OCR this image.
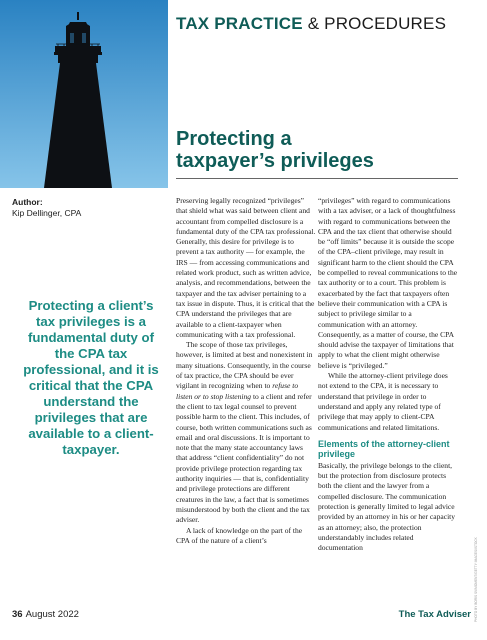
TAX PRACTICE & PROCEDURES
Protecting a
taxpayer’s privileges
Author:
Kip Dellinger, CPA
Protecting a client’s tax privileges is a fundamental duty of the CPA tax professional, and it is critical that the CPA understand the privileges that are available to a client-taxpayer.

Preserving legally recognized “privileges” that shield what was said between client and accountant from compelled disclosure is a fundamental duty of the CPA tax professional. Generally, this desire for privilege is to prevent a tax authority — for example, the IRS — from accessing communications and related work product, such as written advice, analysis, and recommendations, between the taxpayer and the tax adviser pertaining to a tax issue in dispute. Thus, it is critical that the CPA understand the privileges that are available to a client-taxpayer when communicating with a tax professional.

The scope of those tax privileges, however, is limited at best and nonexistent in many situations. Consequently, in the course of tax practice, the CPA should be ever vigilant in recognizing when to refuse to listen or to stop listening to a client and refer the client to tax legal counsel to prevent possible harm to the client. This includes, of course, both written communications such as email and oral discussions. It is important to note that the many state accountancy laws that address “client confidentiality” do not provide privilege protection regarding tax authority inquiries — that is, confidentiality and privilege protections are different creatures in the law, a fact that is sometimes misunderstood by both the client and the tax adviser.

A lack of knowledge on the part of the CPA of the nature of a client’s

“privileges” with regard to communications with a tax adviser, or a lack of thoughtfulness with regard to communications between the CPA and the tax client that otherwise should be “off limits” because it is outside the scope of the CPA–client privilege, may result in significant harm to the client should the CPA be compelled to reveal communications to the tax authority or to a court. This problem is exacerbated by the fact that taxpayers often believe their communication with a CPA is subject to privilege similar to a communication with an attorney. Consequently, as a matter of course, the CPA should advise the taxpayer of limitations that apply to what the client might otherwise believe is “privileged.”

While the attorney-client privilege does not extend to the CPA, it is necessary to understand that privilege in order to understand and apply any related type of privilege that may apply to client-CPA communications and related limitations.

Elements of the attorney-client privilege

Basically, the privilege belongs to the client, but the protection from disclosure protects both the client and the lawyer from a compelled disclosure. The communication protection is generally limited to legal advice provided by an attorney in his or her capacity as an attorney; also, the protection understandably includes related documentation	PHOTO BY BORIS SV/MOMENT/GETTY IMAGES/ISTOCK
36 August 2022	The Tax Adviser
